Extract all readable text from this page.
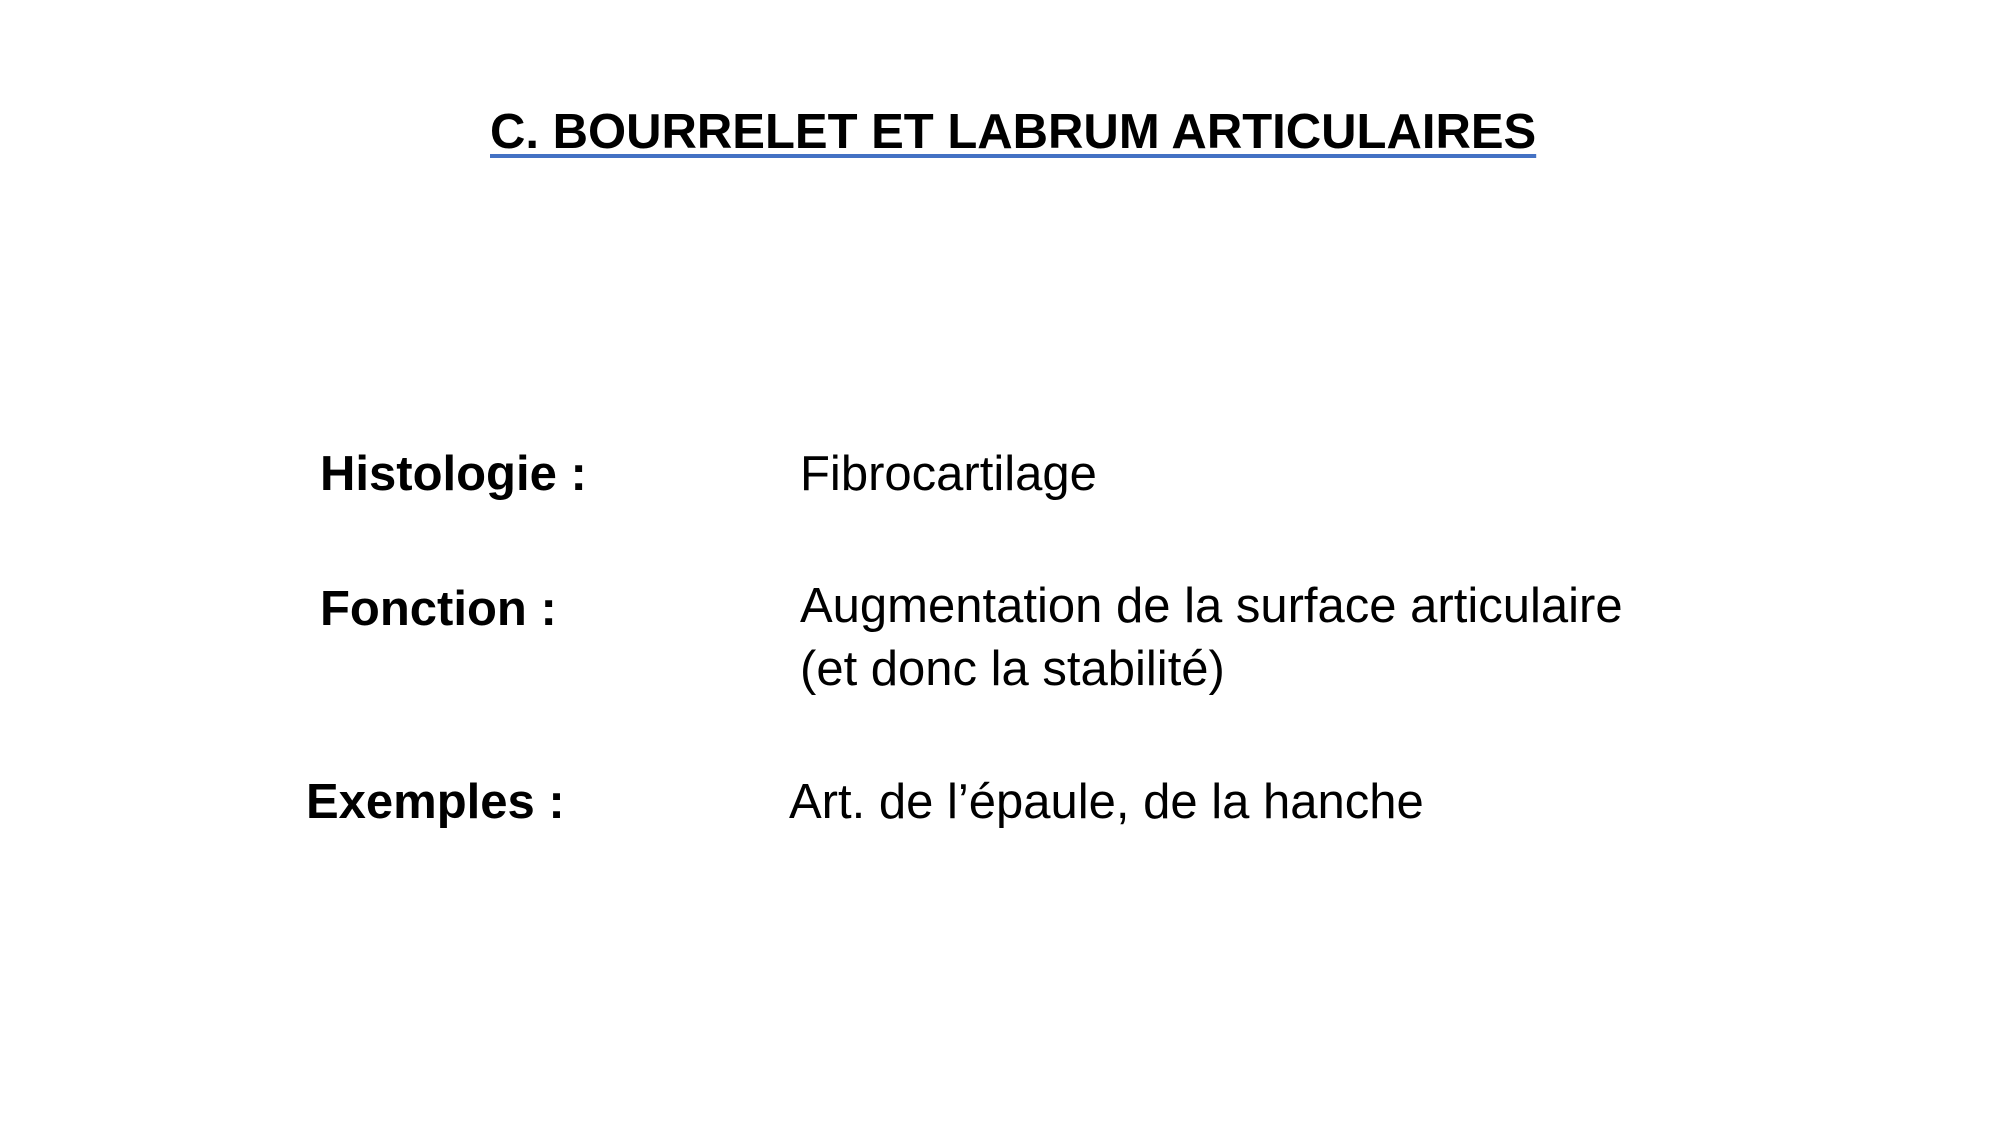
C. BOURRELET ET LABRUM ARTICULAIRES
Histologie :	Fibrocartilage
Fonction :	Augmentation de la surface articulaire
(et donc la stabilité)
Exemples :	Art. de l’épaule, de la hanche
